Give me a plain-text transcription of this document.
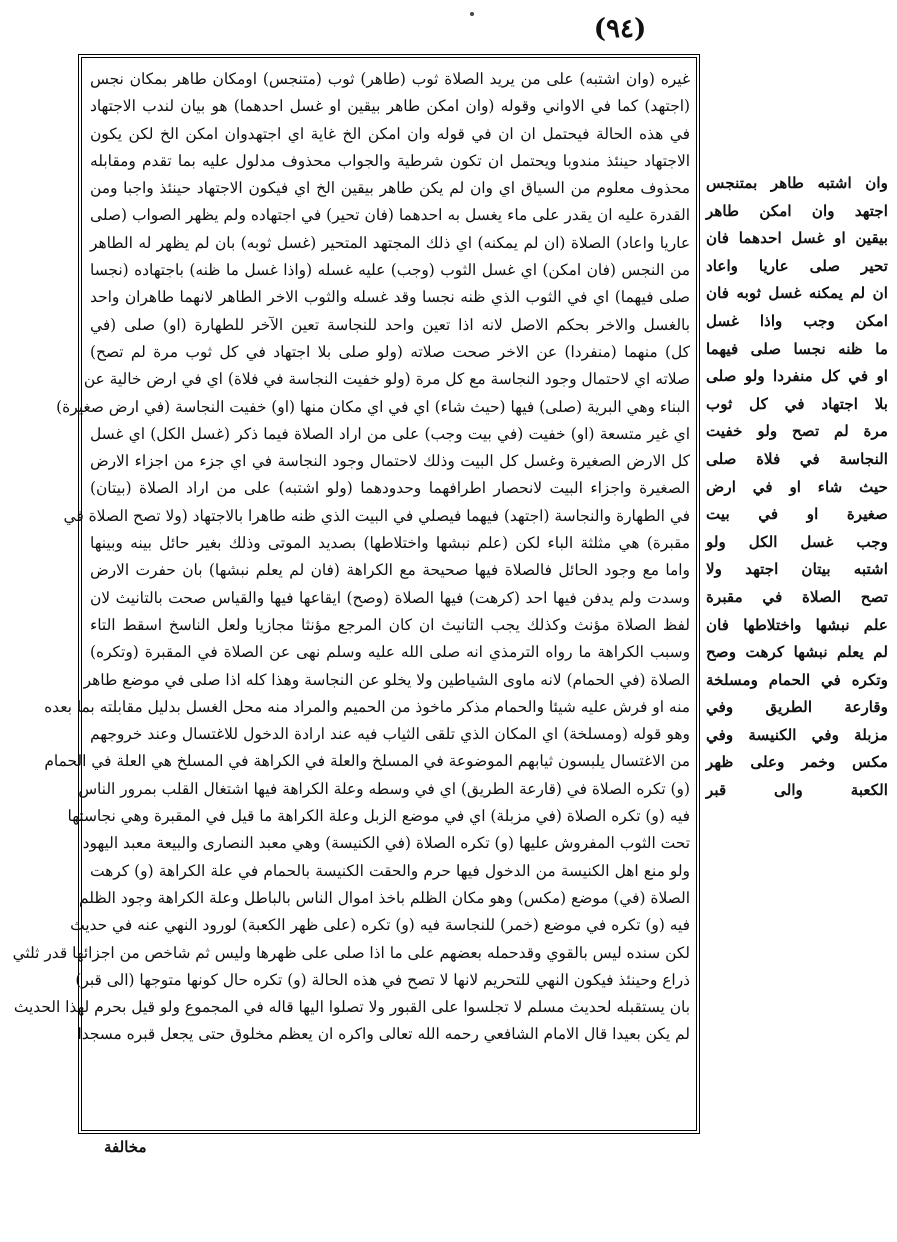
(٩٤)
غيره (وان اشتبه) على من يريد الصلاة ثوب (طاهر) ثوب (متنجس) اومكان طاهر بمكان نجس
(اجتهد) كما في الاواني وقوله (وان امكن طاهر بيقين او غسل احدهما) هو بيان لندب الاجتهاد
في هذه الحالة فيحتمل ان ان في قوله وان امكن الخ غاية اي اجتهدوان امكن الخ لكن يكون
الاجتهاد حينئذ مندوبا ويحتمل ان تكون شرطية والجواب محذوف مدلول عليه بما تقدم ومقابله
محذوف معلوم من السياق اي وان لم يكن طاهر بيقين الخ اي فيكون الاجتهاد حينئذ واجبا ومن
القدرة عليه ان يقدر على ماء يغسل به احدهما (فان تحير) في اجتهاده ولم يظهر الصواب (صلى
عاريا واعاد) الصلاة (ان لم يمكنه) اي ذلك المجتهد المتحير (غسل ثوبه) بان لم يظهر له الطاهر
من النجس (فان امكن) اي غسل الثوب (وجب) عليه غسله (واذا غسل ما ظنه) باجتهاده (نجسا
صلى فيهما) اي في الثوب الذي ظنه نجسا وقد غسله والثوب الاخر الطاهر لانهما طاهران واحد
بالغسل والاخر بحكم الاصل لانه اذا تعين واحد للنجاسة تعين الآخر للطهارة (او) صلى (في
كل) منهما (منفردا) عن الاخر صحت صلاته (ولو صلى بلا اجتهاد في كل ثوب مرة لم تصح)
صلاته اي لاحتمال وجود النجاسة مع كل مرة (ولو خفيت النجاسة في فلاة) اي في ارض خالية عن
البناء وهي البرية (صلى) فيها (حيث شاء) اي في اي مكان منها (او) خفيت النجاسة (في ارض صغيرة)
اي غير متسعة (او) خفيت (في بيت وجب) على من اراد الصلاة فيما ذكر (غسل الكل) اي غسل
كل الارض الصغيرة وغسل كل البيت وذلك لاحتمال وجود النجاسة في اي جزء من اجزاء الارض
الصغيرة واجزاء البيت لانحصار اطرافهما وحدودهما (ولو اشتبه) على من اراد الصلاة (بيتان)
في الطهارة والنجاسة (اجتهد) فيهما فيصلي في البيت الذي ظنه طاهرا بالاجتهاد (ولا تصح الصلاة في
مقبرة) هي مثلثة الباء لكن (علم نبشها واختلاطها) بصديد الموتى وذلك بغير حائل بينه وبينها
واما مع وجود الحائل فالصلاة فيها صحيحة مع الكراهة (فان لم يعلم نبشها) بان حفرت الارض
وسدت ولم يدفن فيها احد (كرهت) فيها الصلاة (وصح) ايقاعها فيها والقياس صحت بالتانيث لان
لفظ الصلاة مؤنث وكذلك يجب التانيث ان كان المرجع مؤنثا مجازيا ولعل الناسخ اسقط التاء
وسبب الكراهة ما رواه الترمذي انه صلى الله عليه وسلم نهى عن الصلاة في المقبرة (وتكره)
الصلاة (في الحمام) لانه ماوى الشياطين ولا يخلو عن النجاسة وهذا كله اذا صلى في موضع طاهر
منه او فرش عليه شيئا والحمام مذكر ماخوذ من الحميم والمراد منه محل الغسل بدليل مقابلته بما بعده
وهو قوله (ومسلخة) اي المكان الذي تلقى الثياب فيه عند ارادة الدخول للاغتسال وعند خروجهم
من الاغتسال يلبسون ثيابهم الموضوعة في المسلخ والعلة في الكراهة في المسلخ هي العلة في الحمام
(و) تكره الصلاة في (قارعة الطريق) اي في وسطه وعلة الكراهة فيها اشتغال القلب بمرور الناس
فيه (و) تكره الصلاة (في مزبلة) اي في موضع الزبل وعلة الكراهة ما قيل في المقبرة وهي نجاستها
تحت الثوب المفروش عليها (و) تكره الصلاة (في الكنيسة) وهي معبد النصارى والبيعة معبد اليهود
ولو منع اهل الكنيسة من الدخول فيها حرم والحقت الكنيسة بالحمام في علة الكراهة (و) كرهت
الصلاة (في) موضع (مكس) وهو مكان الظلم باخذ اموال الناس بالباطل وعلة الكراهة وجود الظلم
فيه (و) تكره في موضع (خمر) للنجاسة فيه (و) تكره (على ظهر الكعبة) لورود النهي عنه في حديث
لكن سنده ليس بالقوي وقدحمله بعضهم على ما اذا صلى على ظهرها وليس ثم شاخص من اجزائها قدر ثلثي
ذراع وحينئذ فيكون النهي للتحريم لانها لا تصح في هذه الحالة (و) تكره حال كونها متوجها (الى قبر)
بان يستقبله لحديث مسلم لا تجلسوا على القبور ولا تصلوا اليها قاله في المجموع ولو قيل بحرم لهذا الحديث
لم يكن بعيدا قال الامام الشافعي رحمه الله تعالى واكره ان يعظم مخلوق حتى يجعل قبره مسجدا
وان اشتبه طاهر بمتنجس
اجتهد وان امكن طاهر
بيقين او غسل احدهما فان
تحير صلى عاريا واعاد
ان لم يمكنه غسل ثوبه فان
امكن وجب واذا غسل
ما ظنه نجسا صلى فيهما
او في كل منفردا ولو صلى
بلا اجتهاد في كل ثوب
مرة لم تصح ولو خفيت
النجاسة في فلاة صلى
حيث شاء او في ارض
صغيرة او في بيت
وجب غسل الكل ولو
اشتبه بيتان اجتهد ولا
تصح الصلاة في مقبرة
علم نبشها واختلاطها فان
لم يعلم نبشها كرهت وصح
وتكره في الحمام ومسلخة
وقارعة الطريق وفي
مزبلة وفي الكنيسة وفي
مكس وخمر وعلى ظهر
الكعبة والى قبر
مخالفة
